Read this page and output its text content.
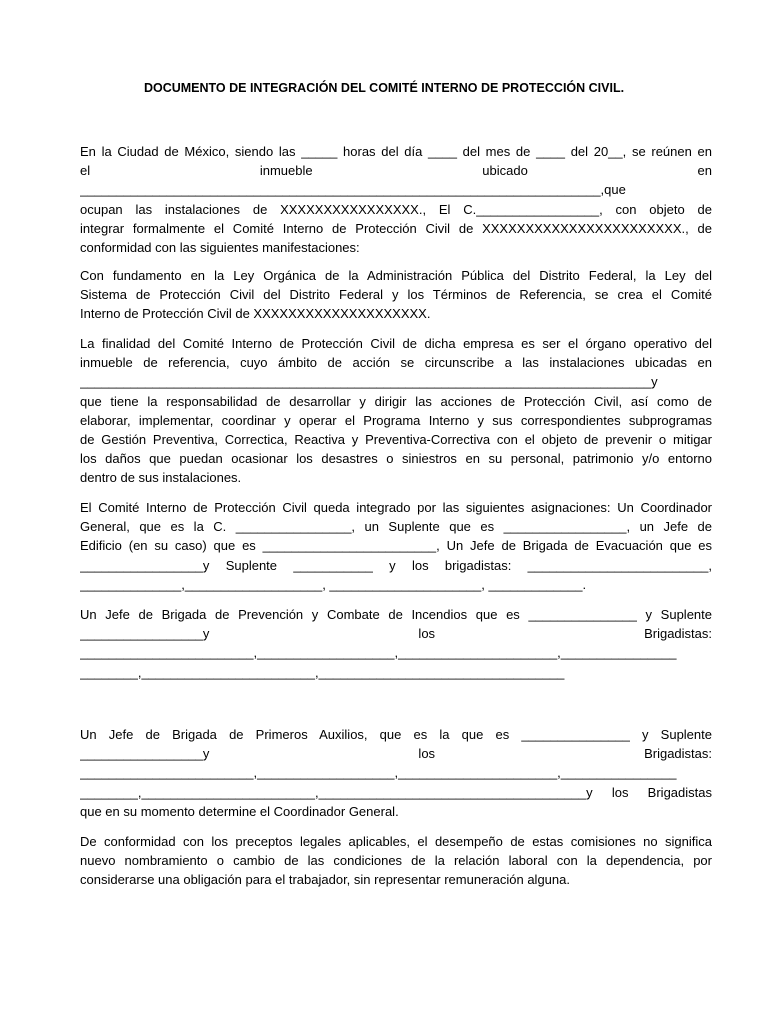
DOCUMENTO DE INTEGRACIÓN DEL COMITÉ INTERNO DE PROTECCIÓN CIVIL.
En la Ciudad de México, siendo las _____ horas del día ____ del mes de ____ del 20__, se reúnen en
el inmueble ubicado en
________________________________________________________________________,que
ocupan las instalaciones de XXXXXXXXXXXXXXXX., El C._________________, con objeto de
integrar formalmente el Comité Interno de Protección Civil de XXXXXXXXXXXXXXXXXXXXXXX., de
conformidad con las siguientes manifestaciones:
Con fundamento en la Ley Orgánica de la Administración Pública del Distrito Federal, la Ley del
Sistema de Protección Civil del Distrito Federal y los Términos de Referencia, se crea el Comité
Interno de Protección Civil de XXXXXXXXXXXXXXXXXXXX.
La finalidad del Comité Interno de Protección Civil de dicha empresa es ser el órgano operativo del
inmueble de referencia, cuyo ámbito de acción se circunscribe a las instalaciones ubicadas en
_______________________________________________________________________________y
que tiene la responsabilidad de desarrollar y dirigir las acciones de Protección Civil, así como de
elaborar, implementar, coordinar y operar el Programa Interno y sus correspondientes subprogramas
de Gestión Preventiva, Correctica, Reactiva y Preventiva-Correctiva con el objeto de prevenir o mitigar
los daños que puedan ocasionar los desastres o siniestros en su personal, patrimonio y/o entorno
dentro de sus instalaciones.
El Comité Interno de Protección Civil queda integrado por las siguientes asignaciones: Un Coordinador
General, que es la C. ________________, un Suplente que es _________________, un Jefe de
Edificio (en su caso) que es ________________________, Un Jefe de Brigada de Evacuación que es
_________________y Suplente ___________ y los brigadistas: _________________________,
______________,___________________, _____________________, _____________.
Un Jefe de Brigada de Prevención y Combate de Incendios que es _______________ y Suplente
_________________y los Brigadistas:
________________________,___________________,______________________,________________
________,________________________,__________________________________
Un Jefe de Brigada de Primeros Auxilios, que es la que es _______________ y Suplente
_________________y los Brigadistas:
________________________,___________________,______________________,________________
________,________________________,_____________________________________y los Brigadistas
que en su momento determine el Coordinador General.
De conformidad con los preceptos legales aplicables, el desempeño de estas comisiones no significa
nuevo nombramiento o cambio de las condiciones de la relación laboral con la dependencia, por
considerarse una obligación para el trabajador, sin representar remuneración alguna.
